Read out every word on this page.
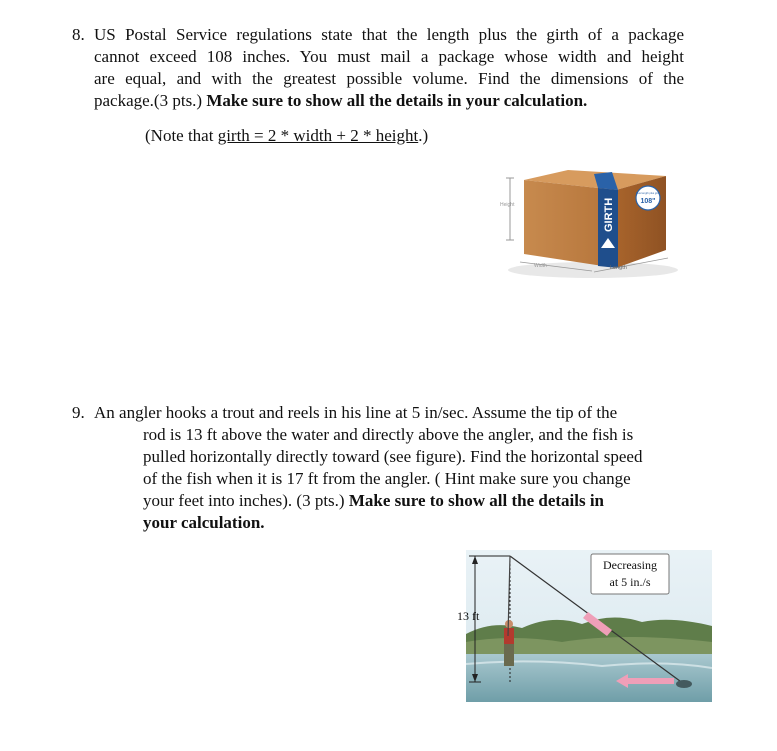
8. US Postal Service regulations state that the length plus the girth of a package
cannot exceed 108 inches. You must mail a package whose width and height
are equal, and with the greatest possible volume. Find the dimensions of the
package.(3 pts.) Make sure to show all the details in your calculation.
(Note that girth = 2 * width + 2 * height.)
Height	GIRTH
Max length plus girth
108"
Width	Length
9. An angler hooks a trout and reels in his line at 5 in/sec. Assume the tip of the
rod is 13 ft above the water and directly above the angler, and the fish is
pulled horizontally directly toward (see figure). Find the horizontal speed
of the fish when it is 17 ft from the angler. ( Hint make sure you change
your feet into inches). (3 pts.) Make sure to show all the details in
your calculation.
13 ft
Decreasing
at 5 in./s
